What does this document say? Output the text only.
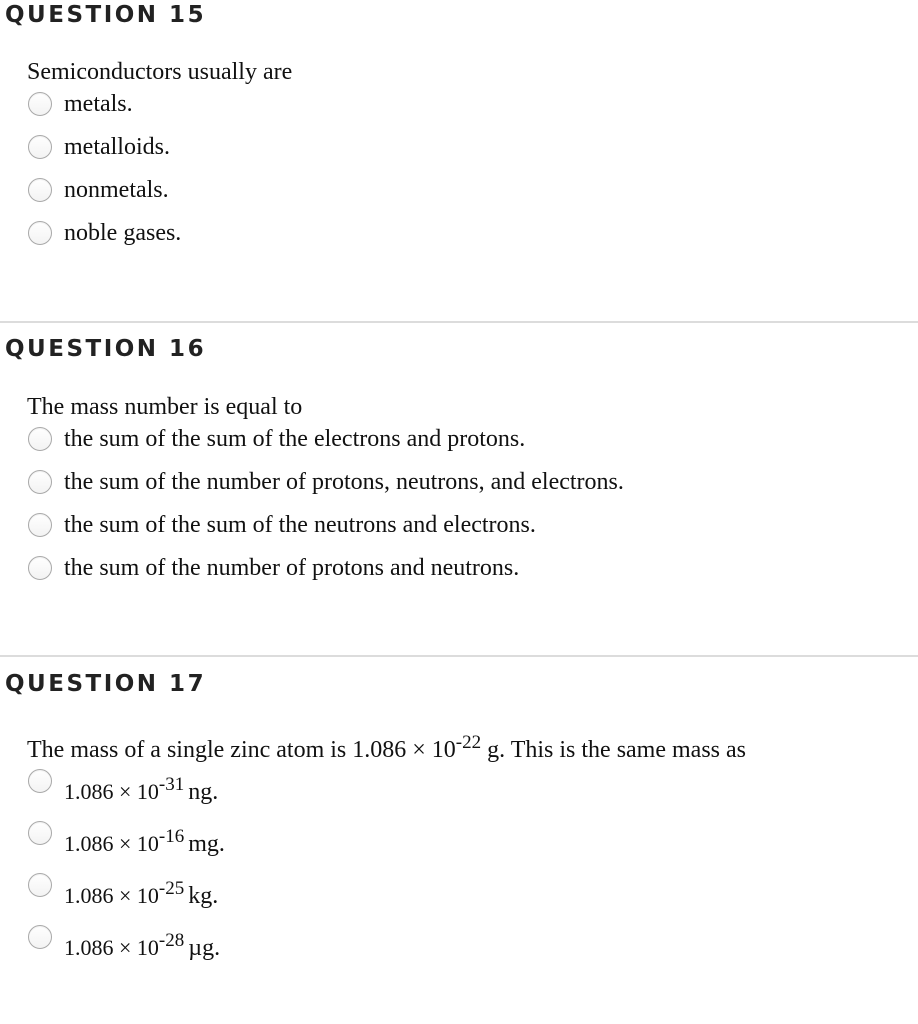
QUESTION 15
Semiconductors usually are
metals.
metalloids.
nonmetals.
noble gases.
QUESTION 16
The mass number is equal to
the sum of the sum of the electrons and protons.
the sum of the number of protons, neutrons, and electrons.
the sum of the sum of the neutrons and electrons.
the sum of the number of protons and neutrons.
QUESTION 17
The mass of a single zinc atom is $1.086 \times 10^{-22}$ g. This is the same mass as
$1.086 \times 10^{-31}$ ng.
$1.086 \times 10^{-16}$ mg.
$1.086 \times 10^{-25}$ kg.
$1.086 \times 10^{-28}$ µg.
